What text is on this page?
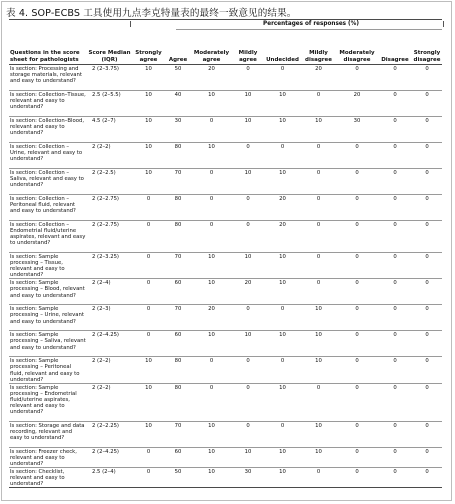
表 4. SOP-ECBS 工具使用九点李克特量表的最终一致意见的结果。
Percentages of responses (%)
Questions in the score sheet for pathologists	Score Median (IQR)	Strongly agree	Agree	Moderately agree	Mildly agree	Undecided	Mildly disagree	Moderately disagree	Disagree	Strongly disagree
Is section: Processing and storage materials, relevant and easy to understand?	2 (2–3.75)	10	50	20	0	0	20	0	0	0
Is section: Collection–Tissue, relevant and easy to understand?	2.5 (2–5.5)	10	40	10	10	10	0	20	0	0
Is section: Collection–Blood, relevant and easy to understand?	4.5 (2–7)	10	30	0	10	10	10	30	0	0
Is section: Collection – Urine, relevant and easy to understand?	2 (2–2)	10	80	10	0	0	0	0	0	0
Is section: Collection – Saliva, relevant and easy to understand?	2 (2–2.5)	10	70	0	10	10	0	0	0	0
Is section: Collection – Peritoneal fluid, relevant and easy to understand?	2 (2–2.75)	0	80	0	0	20	0	0	0	0
Is section: Collection – Endometrial fluid/uterine aspirates, relevant and easy to understand?	2 (2–2.75)	0	80	0	0	20	0	0	0	0
Is section: Sample processing – Tissue, relevant and easy to understand?	2 (2–3.25)	0	70	10	10	10	0	0	0	0
Is section: Sample processing – Blood, relevant and easy to understand?	2 (2–4)	0	60	10	20	10	0	0	0	0
Is section: Sample processing – Urine, relevant and easy to understand?	2 (2–3)	0	70	20	0	0	10	0	0	0
Is section: Sample processing – Saliva, relevant and easy to understand?	2 (2–4.25)	0	60	10	10	10	10	0	0	0
Is section: Sample processing – Peritoneal fluid, relevant and easy to understand?	2 (2–2)	10	80	0	0	0	10	0	0	0
Is section: Sample processing – Endometrial fluid/uterine aspirates, relevant and easy to understand?	2 (2–2)	10	80	0	0	10	0	0	0	0
Is section: Storage and data recording, relevant and easy to understand?	2 (2–2.25)	10	70	10	0	0	10	0	0	0
Is section: Freezer check, relevant and easy to understand?	2 (2–4.25)	0	60	10	10	10	10	0	0	0
Is section: Checklist, relevant and easy to understand?	2.5 (2–4)	0	50	10	30	10	0	0	0	0
